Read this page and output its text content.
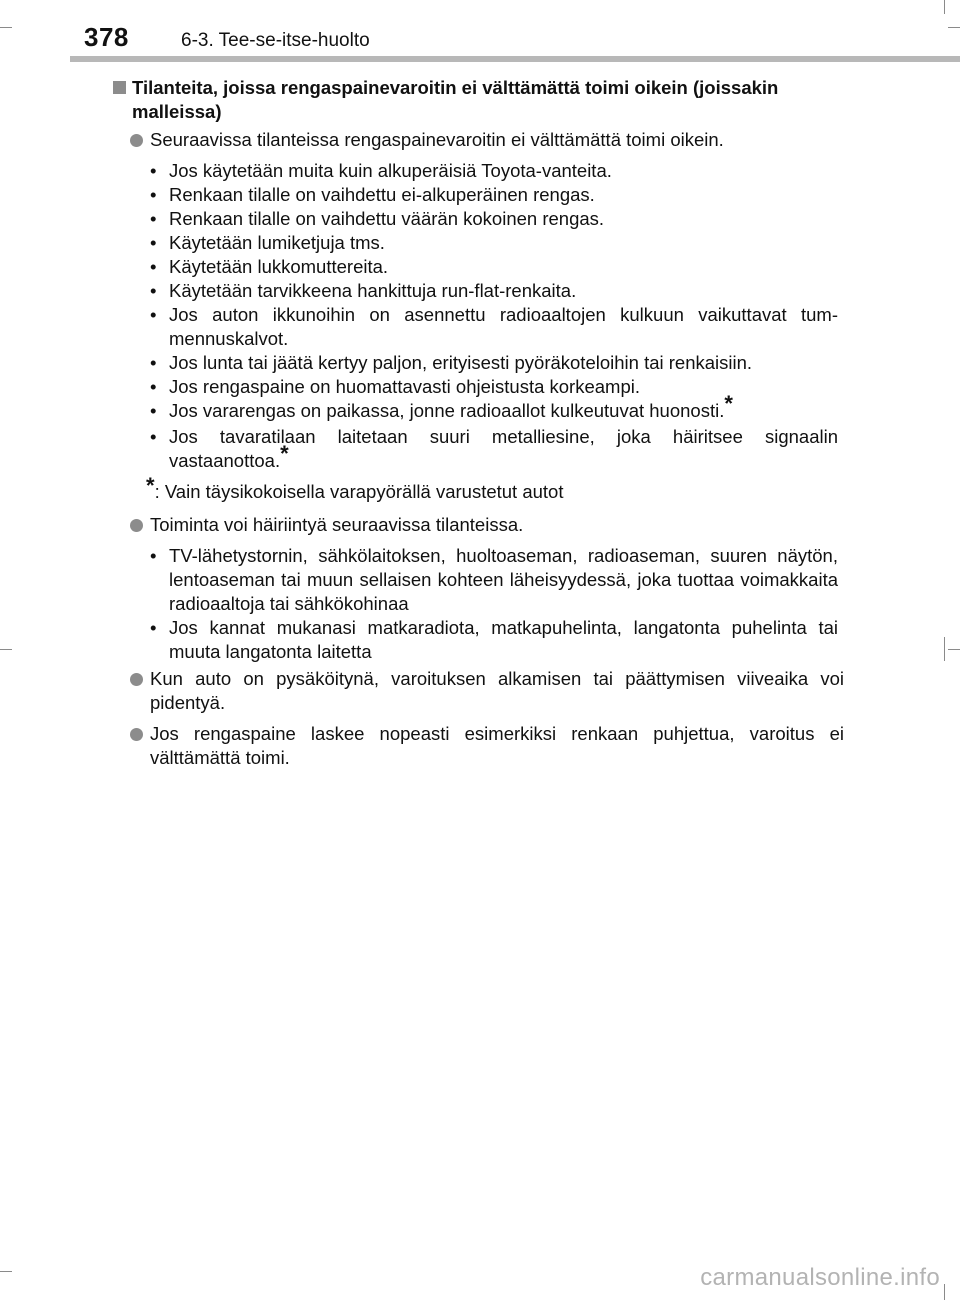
378	6-3. Tee-se-itse-huolto
Tilanteita, joissa rengaspainevaroitin ei välttämättä toimi oikein (joissakin malleissa)
Seuraavissa tilanteissa rengaspainevaroitin ei välttämättä toimi oikein.
• Jos käytetään muita kuin alkuperäisiä Toyota-vanteita.
• Renkaan tilalle on vaihdettu ei-alkuperäinen rengas.
• Renkaan tilalle on vaihdettu väärän kokoinen rengas.
• Käytetään lumiketjuja tms.
• Käytetään lukkomuttereita.
• Käytetään tarvikkeena hankittuja run-flat-renkaita.
• Jos auton ikkunoihin on asennettu radioaaltojen kulkuun vaikuttavat tum-mennuskalvot.
• Jos lunta tai jäätä kertyy paljon, erityisesti pyöräkoteloihin tai renkaisiin.
• Jos rengaspaine on huomattavasti ohjeistusta korkeampi.
• Jos vararengas on paikassa, jonne radioaallot kulkeutuvat huonosti.*
• Jos tavaratilaan laitetaan suuri metalliesine, joka häiritsee signaalin vastaanottoa.*
*: Vain täysikokoisella varapyörällä varustetut autot
Toiminta voi häiriintyä seuraavissa tilanteissa.
• TV-lähetystornin, sähkölaitoksen, huoltoaseman, radioaseman, suuren näytön, lentoaseman tai muun sellaisen kohteen läheisyydessä, joka tuottaa voimakkaita radioaaltoja tai sähkökohinaa
• Jos kannat mukanasi matkaradiota, matkapuhelinta, langatonta puhelinta tai muuta langatonta laitetta
Kun auto on pysäköitynä, varoituksen alkamisen tai päättymisen viiveaika voi pidentyä.
Jos rengaspaine laskee nopeasti esimerkiksi renkaan puhjettua, varoitus ei välttämättä toimi.
carmanualsonline.info
